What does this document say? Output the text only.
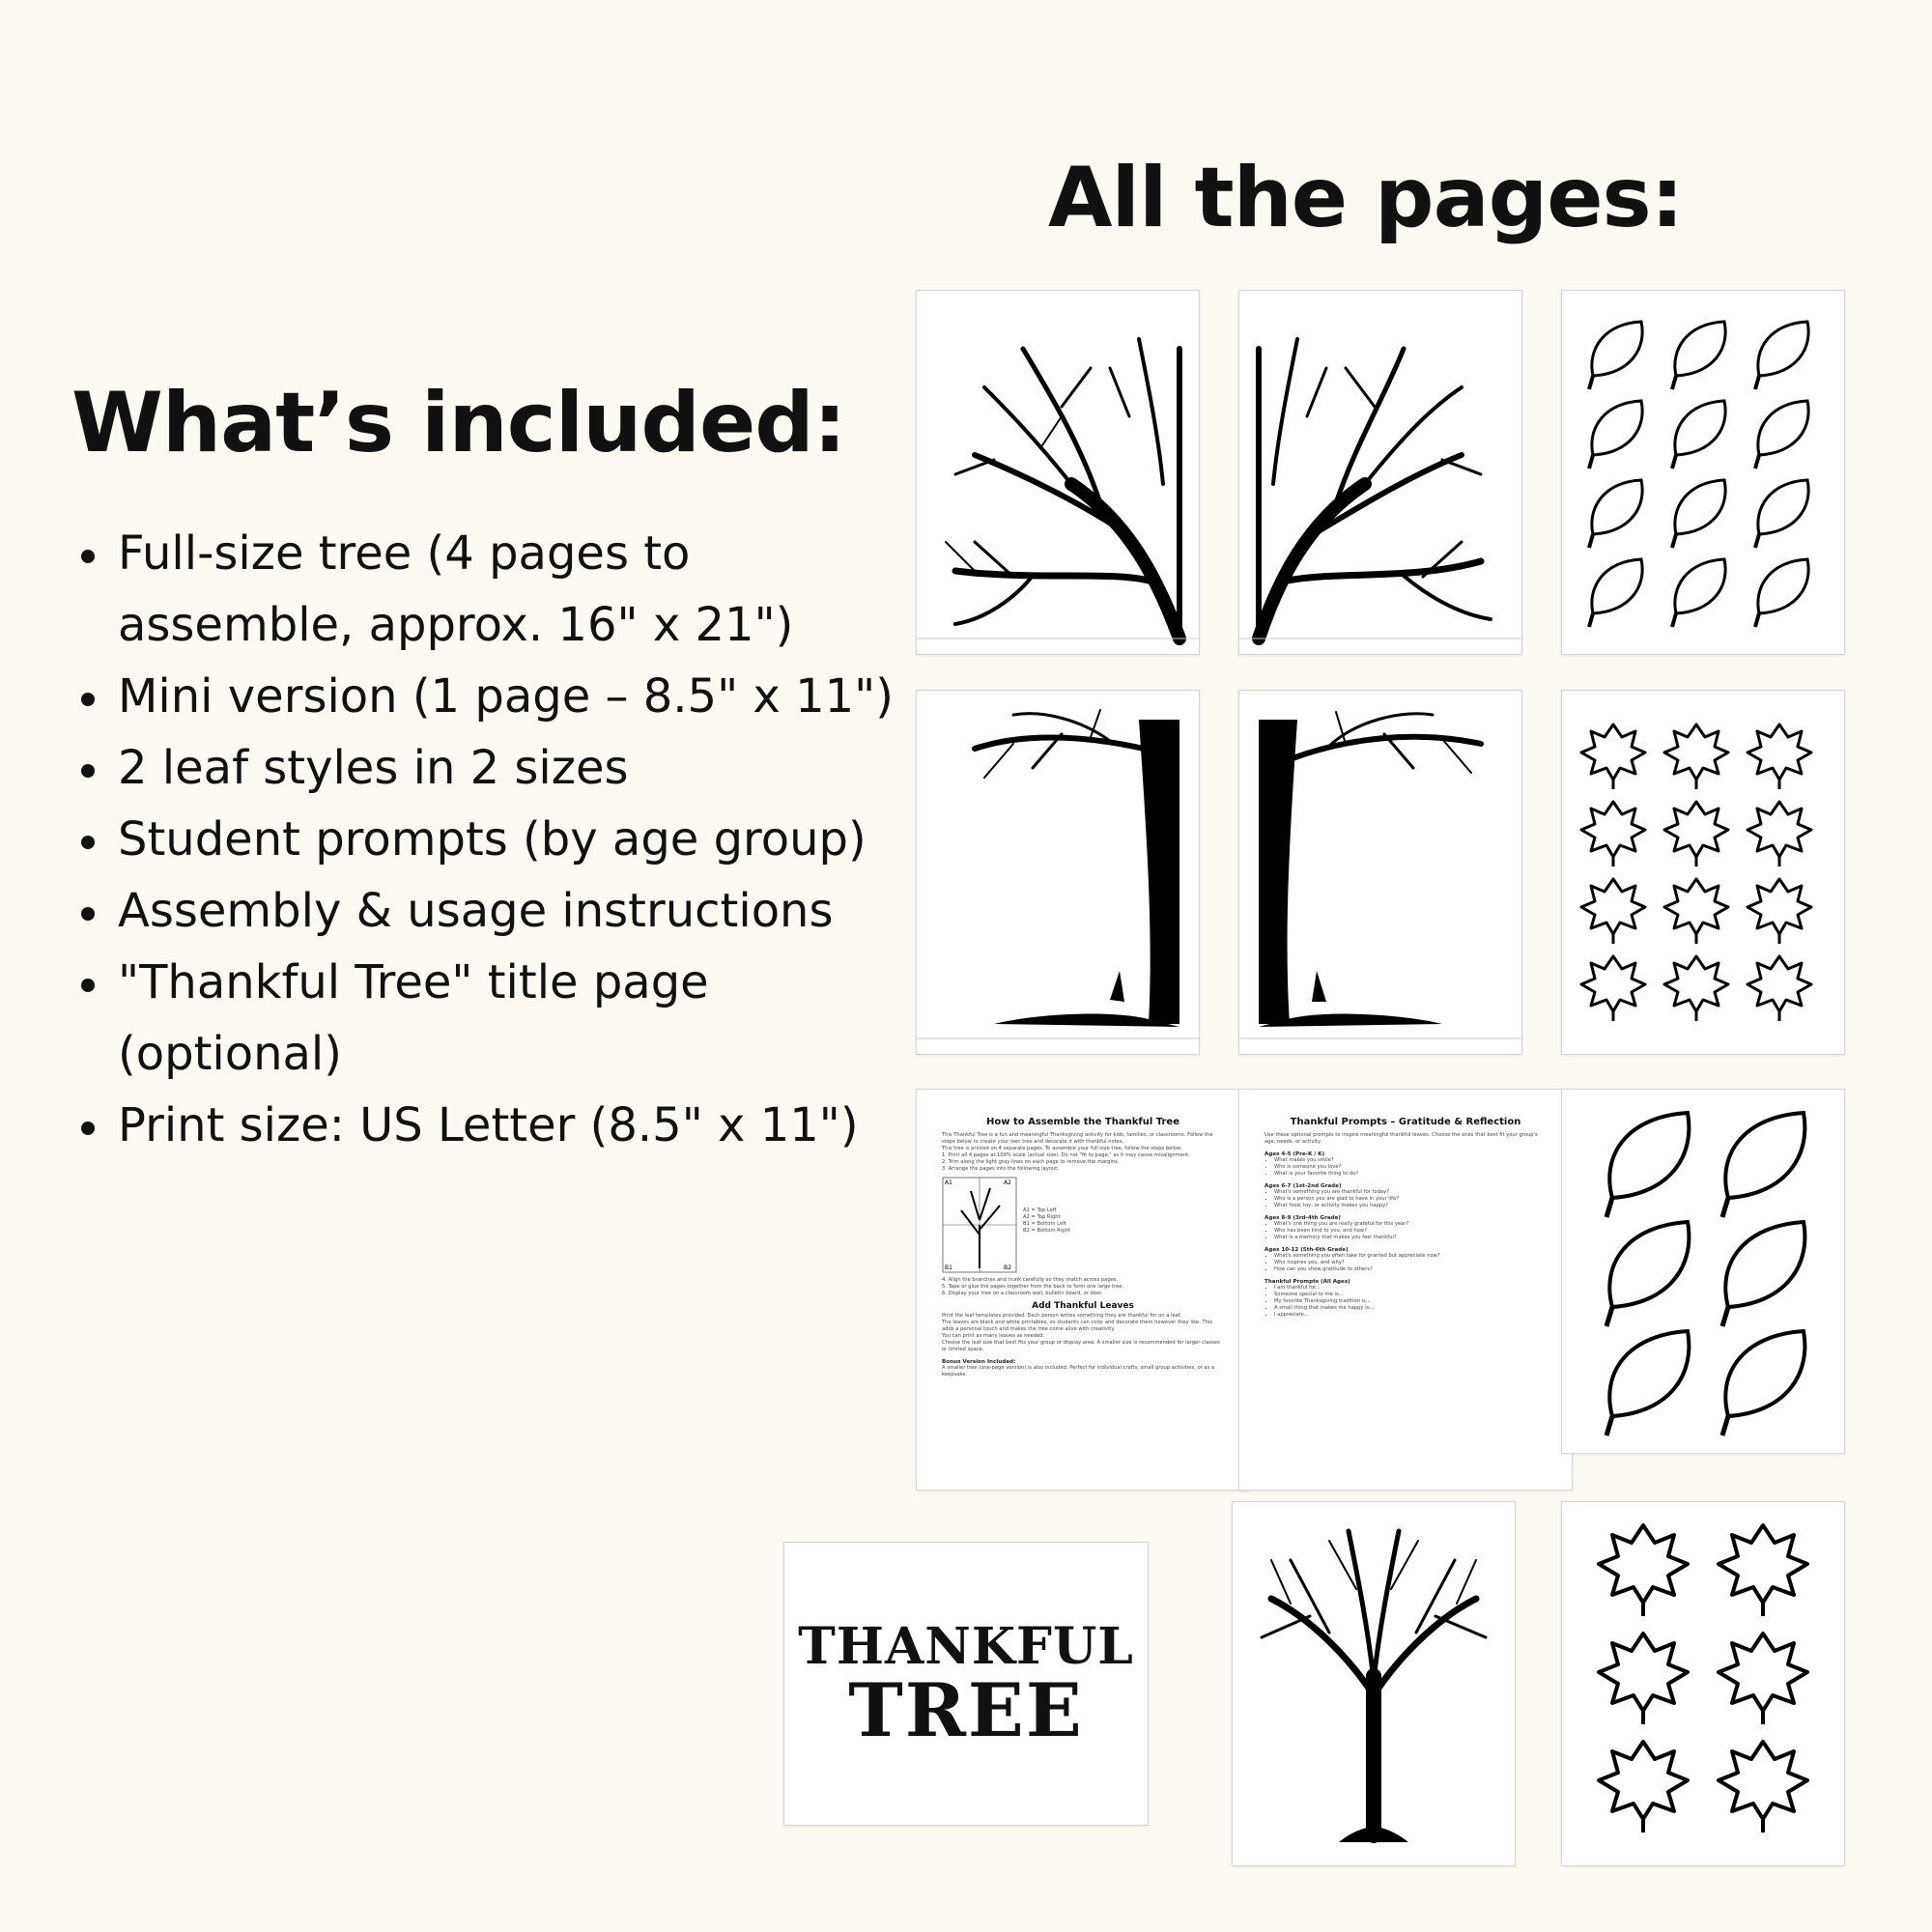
All the pages:
What’s included:
Full-size tree (4 pages to assemble, approx. 16" x 21")
Mini version (1 page – 8.5" x 11")
2 leaf styles in 2 sizes
Student prompts (by age group)
Assembly & usage instructions
"Thankful Tree" title page (optional)
Print size: US Letter (8.5" x 11")	How to Assemble the Thankful Tree
This Thankful Tree is a fun and meaningful Thanksgiving activity for kids, families, or classrooms. Follow the steps below to create your own tree and decorate it with thankful notes.
This tree is printed on 4 separate pages. To assemble your full-size tree, follow the steps below:
1. Print all 4 pages at 100% scale (actual size). Do not "fit to page," as it may cause misalignment.
2. Trim along the light gray lines on each page to remove the margins.
3. Arrange the pages into the following layout:
A1	A2
B1	B2
A1 = Top Left
A2 = Top Right
B1 = Bottom Left
B2 = Bottom Right
4. Align the branches and trunk carefully so they match across pages.
5. Tape or glue the pages together from the back to form one large tree.
6. Display your tree on a classroom wall, bulletin board, or door.
Add Thankful Leaves
Print the leaf templates provided. Each person writes something they are thankful for on a leaf.
The leaves are black and white printables, so students can color and decorate them however they like. This adds a personal touch and makes the tree come alive with creativity.
You can print as many leaves as needed.
Choose the leaf size that best fits your group or display area. A smaller size is recommended for larger classes or limited space.
Bonus Version Included:
A smaller tree (one-page version) is also included. Perfect for individual crafts, small group activities, or as a keepsake.
Thankful Prompts – Gratitude & Reflection
Use these optional prompts to inspire meaningful thankful leaves. Choose the ones that best fit your group's age, needs, or activity.
Ages 4-5 (Pre-K / K)
• What makes you smile?
• Who is someone you love?
• What is your favorite thing to do?
Ages 6-7 (1st-2nd Grade)
• What's something you are thankful for today?
• Who is a person you are glad to have in your life?
• What food, toy, or activity makes you happy?
Ages 8-9 (3rd-4th Grade)
• What's one thing you are really grateful for this year?
• Who has been kind to you, and how?
• What is a memory that makes you feel thankful?
Ages 10-12 (5th-6th Grade)
• What's something you often take for granted but appreciate now?
• Who inspires you, and why?
• How can you show gratitude to others?
Thankful Prompts (All Ages)
• I am thankful for...
• Someone special to me is...
• My favorite Thanksgiving tradition is...
• A small thing that makes me happy is...
• I appreciate...
THANKFUL
TREE
